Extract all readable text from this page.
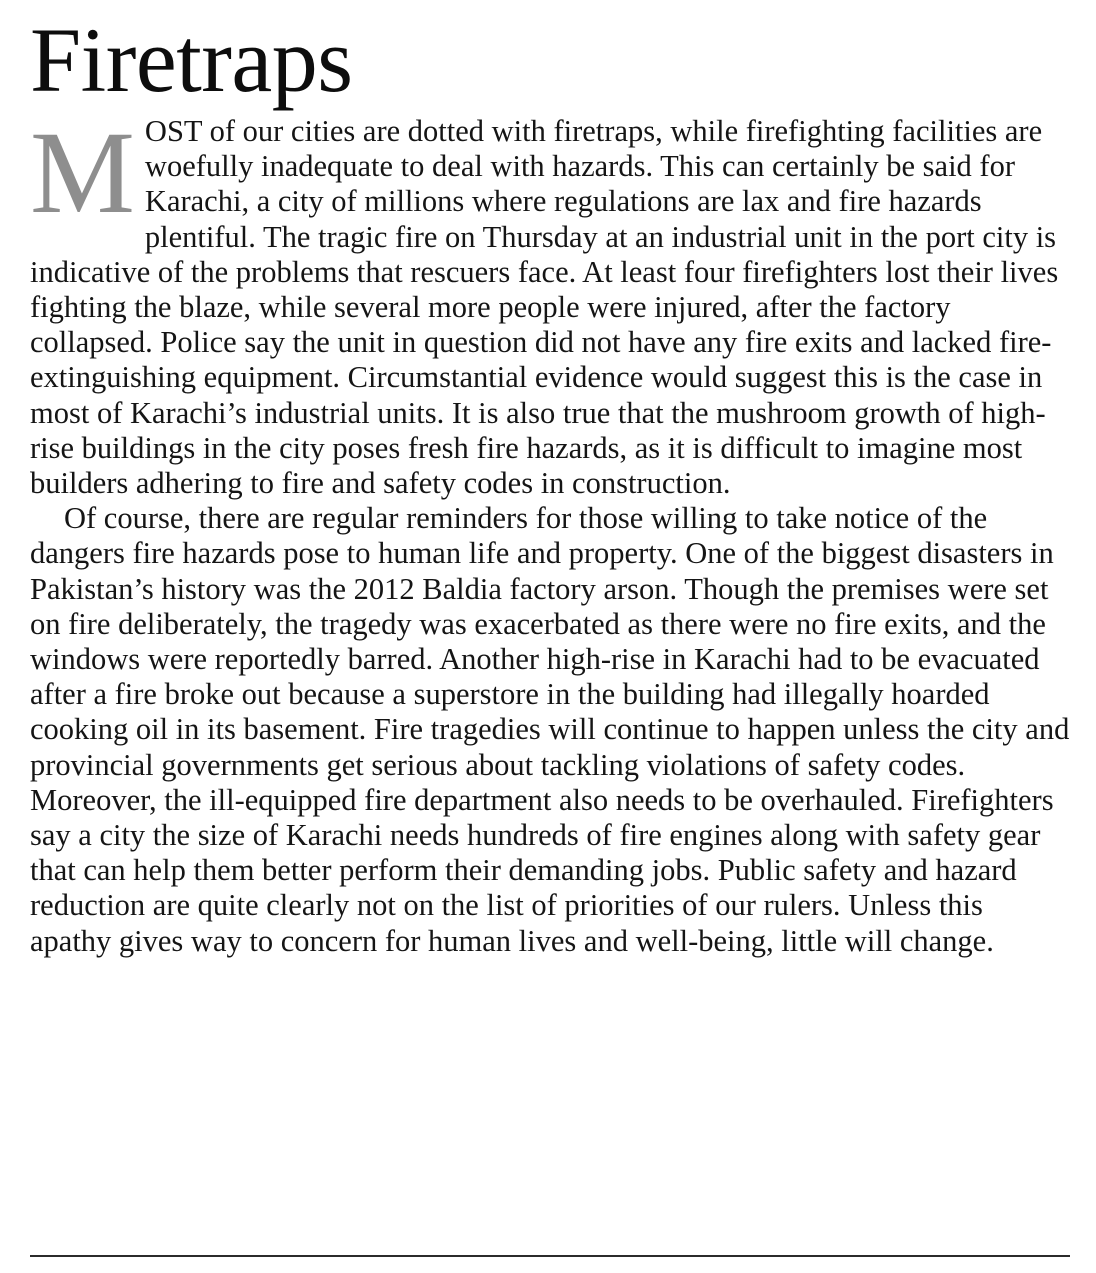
Firetraps

MOST of our cities are dotted with firetraps, while firefighting facilities are woefully inadequate to deal with hazards. This can certainly be said for Karachi, a city of millions where regulations are lax and fire hazards plentiful. The tragic fire on Thursday at an industrial unit in the port city is indicative of the problems that rescuers face. At least four firefighters lost their lives fighting the blaze, while several more people were injured, after the factory collapsed. Police say the unit in question did not have any fire exits and lacked fire-extinguishing equipment. Circumstantial evidence would suggest this is the case in most of Karachi’s industrial units. It is also true that the mushroom growth of high-rise buildings in the city poses fresh fire hazards, as it is difficult to imagine most builders adhering to fire and safety codes in construction.

Of course, there are regular reminders for those willing to take notice of the dangers fire hazards pose to human life and property. One of the biggest disasters in Pakistan’s history was the 2012 Baldia factory arson. Though the premises were set on fire deliberately, the tragedy was exacerbated as there were no fire exits, and the windows were reportedly barred. Another high-rise in Karachi had to be evacuated after a fire broke out because a superstore in the building had illegally hoarded cooking oil in its basement. Fire tragedies will continue to happen unless the city and provincial governments get serious about tackling violations of safety codes. Moreover, the ill-equipped fire department also needs to be overhauled. Firefighters say a city the size of Karachi needs hundreds of fire engines along with safety gear that can help them better perform their demanding jobs. Public safety and hazard reduction are quite clearly not on the list of priorities of our rulers. Unless this apathy gives way to concern for human lives and well-being, little will change.
